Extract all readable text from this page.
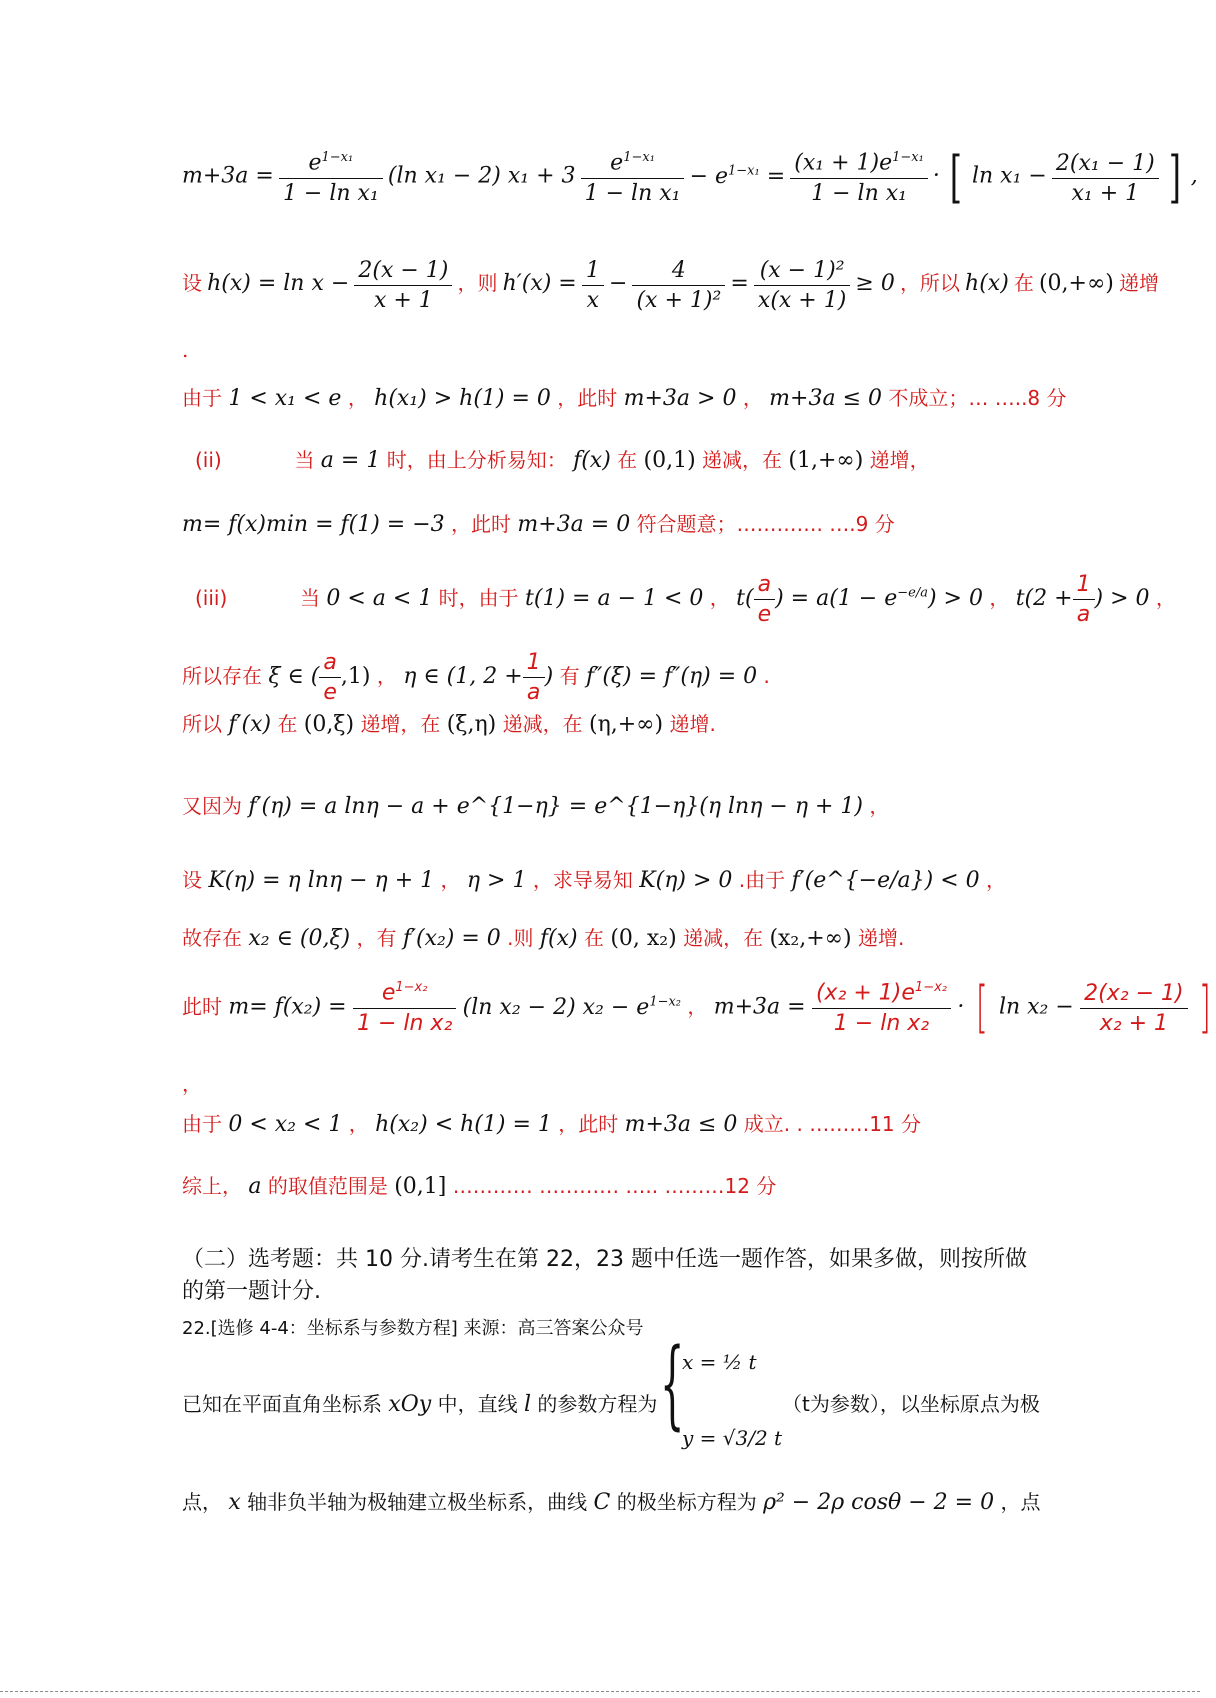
$m+3a = \frac{e^{1-x_1}}{\text{1 − ln x₁}} (\ln$ x₁ − 2) $x_1 + 3 \frac{e^{1-x_1}}{\text{1 − ln x₁}} - e^{1-x_1} = \frac{(x_1 + 1)e^{1-x_1}}{\text{1 − ln x₁}}$ · [ $\ln x_1 - \frac{\text{2(x₁ − 1)}}{\text{x₁ + 1}}$ ] ,
设 $h(x) = \ln x - \frac{2(x - 1)}{x + 1}$ ，则 $h'(x) = \frac{1}{x} - \frac{4}{\text{(x + 1)²}} = \frac{\text{(x − 1)²}}{x(x + 1)} \ge 0$ ，所以 h(x) 在 (0,+∞) 递增
.
由于 1 < x₁ < e ， h(x₁) > h(1) = 0 ，此时 m+3a > 0 ， m+3a ≤ 0 不成立；… …..8 分
(ii)	当 a = 1 时，由上分析易知： f(x) 在 (0,1) 递减，在 (1,+∞) 递增，
m= f(x)min = f(1) = −3 ，此时 m+3a = 0 符合题意；…………. ….9 分
(iii)	当 0 < a < 1 时，由于 t(1) = a − 1 < 0 ， $t( \frac{a}{e}$ ) = $a(1 - e^{-e/a}) > 0$ ， $t(2 + \frac{1}{a}$ ) > 0 ，
所以存在 ξ ∈ ( $\frac{a}{e} ,1$) ， η ∈ (1, $2 + \frac{1}{a}$ ) 有 f″(ξ) = f″(η) = 0 .
所以 f′(x) 在 (0,ξ) 递增，在 (ξ,η) 递减，在 (η,+∞) 递增.
又因为 f′(η) = a lnη − a + e^{1−η} = e^{1−η}(η lnη − η + 1) ，
设 K(η) = η lnη − η + 1 ， η > 1 ，求导易知 K(η) > 0 .由于 f′(e^{−e/a}) < 0 ，
故存在 x₂ ∈ (0,ξ) ，有 f′(x₂) = 0 .则 f(x) 在 (0, x₂) 递减，在 (x₂,+∞) 递增.
此时 $m= f(x_2) = \frac{e^{1-x_2}}{\text{1 − ln x₂}} (\ln$ x₂ − 2) $x_2 - e^{1-x_2}$ ， $m+3a = \frac{(x_2 + 1)e^{1-x_2}}{\text{1 − ln x₂}}$ · [ $\ln x_2 - \frac{\text{2(x₂ − 1)}}{\text{x₂ + 1}}$ ]
，
由于 0 < x₂ < 1 ， h(x₂) < h(1) = 1 ，此时 m+3a ≤ 0 成立. . ………11 分
综上， a 的取值范围是 (0,1] ………… ………… ….. ………12 分
（二）选考题：共 10 分.请考生在第 22，23 题中任选一题作答，如果多做，则按所做的第一题计分.
22.[选修 4-4：坐标系与参数方程] 来源：高三答案公众号
已知在平面直角坐标系 xOy 中，直线 l 的参数方程为 {
x = ½ t
y = √3/2 t
（t为参数），以坐标原点为极
点， x 轴非负半轴为极轴建立极坐标系，曲线 C 的极坐标方程为 ρ² − 2ρ cosθ − 2 = 0 ，点
